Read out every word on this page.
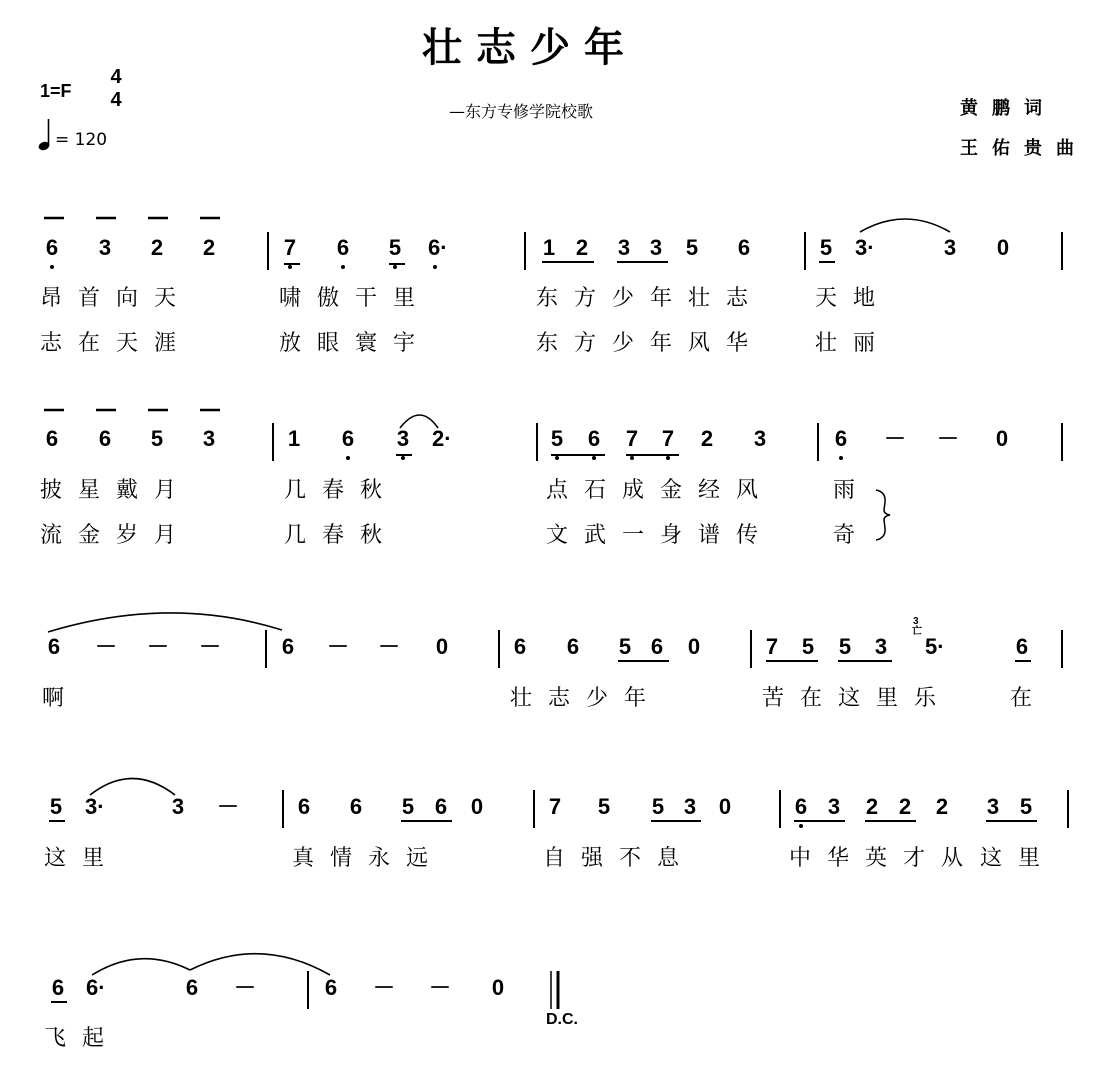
壮志少年
—东方专修学院校歌	黄鹏词
王佑贵曲
1=F
4
4
= 120
3
亡
D.C.
6	3	2	2	7	6	5	6·	1 2	3 3	5	6	5	3·	3	0
昂首向天	啸傲干里	东方少年壮志 天地
志在天涯	放眼寰宇	东方少年风华 壮丽
6	6	5	3	1	6	3	2·	5	6	7	7	2	3	6	－ －	0
披星戴月	几春秋	点石成金经风	雨
流金岁月	几春秋	文武一身谱传	奇
6	－ － －	6	－ －	0	6	6	5 6	0	7	5	5	3	5·	6
啊	壮志少年	苦在这里乐	在
5	3·	3	－	6	6	5 6	0	7	5	5 3	0	6 3	2 2	2	3 5
这里	真情永远	自强不息	中华英才从 这里
6 6·	6	－	6	－ －	0
飞起
